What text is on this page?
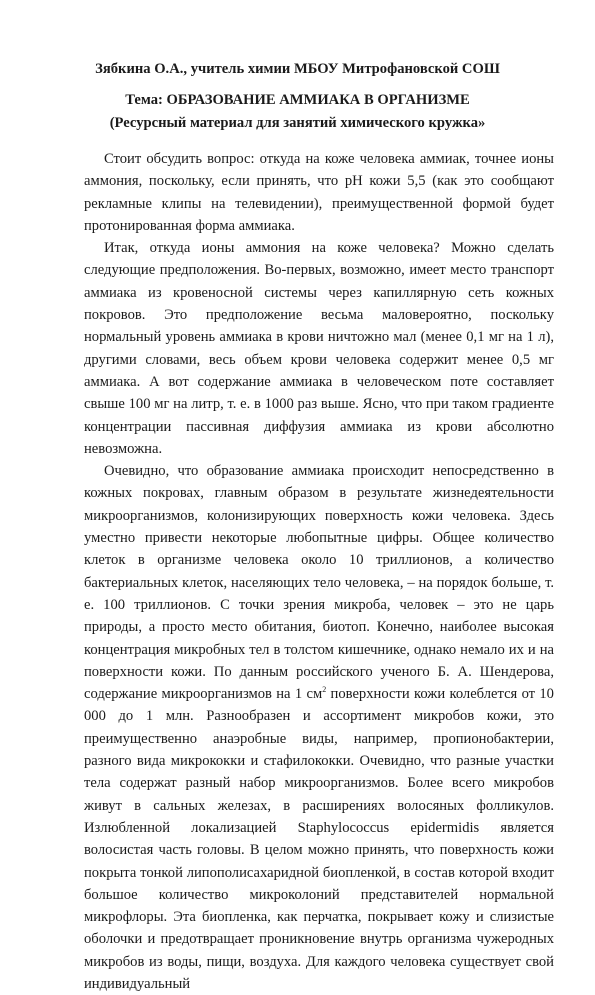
Зябкина О.А., учитель химии МБОУ Митрофановской СОШ
Тема: ОБРАЗОВАНИЕ АММИАКА В ОРГАНИЗМЕ
(Ресурсный материал для занятий химического кружка»

Стоит обсудить вопрос: откуда на коже человека аммиак, точнее ионы аммония, поскольку, если принять, что рН кожи 5,5 (как это сообщают рекламные клипы на телевидении), преимущественной формой будет протонированная форма аммиака.

Итак, откуда ионы аммония на коже человека? Можно сделать следующие предположения. Во-первых, возможно, имеет место транспорт аммиака из кровеносной системы через капиллярную сеть кожных покровов. Это предположение весьма маловероятно, поскольку нормальный уровень аммиака в крови ничтожно мал (менее 0,1 мг на 1 л), другими словами, весь объем крови человека содержит менее 0,5 мг аммиака. А вот содержание аммиака в человеческом поте составляет свыше 100 мг на литр, т. е. в 1000 раз выше. Ясно, что при таком градиенте концентрации пассивная диффузия аммиака из крови абсолютно невозможна.

Очевидно, что образование аммиака происходит непосредственно в кожных покровах, главным образом в результате жизнедеятельности микроорганизмов, колонизирующих поверхность кожи человека. Здесь уместно привести некоторые любопытные цифры. Общее количество клеток в организме человека около 10 триллионов, а количество бактериальных клеток, населяющих тело человека, – на порядок больше, т. е. 100 триллионов. С точки зрения микроба, человек – это не царь природы, а просто место обитания, биотоп. Конечно, наиболее высокая концентрация микробных тел в толстом кишечнике, однако немало их и на поверхности кожи. По данным российского ученого Б. А. Шендерова, содержание микроорганизмов на 1 $см^2$ поверхности кожи колеблется от 10 000 до 1 млн. Разнообразен и ассортимент микробов кожи, это преимущественно анаэробные виды, например, пропионобактерии, разного вида микрококки и стафилококки. Очевидно, что разные участки тела содержат разный набор микроорганизмов. Более всего микробов живут в сальных железах, в расширениях волосяных фолликулов. Излюбленной локализацией Staphylococcus epidermidis является волосистая часть головы. В целом можно принять, что поверхность кожи покрыта тонкой липополисахаридной биопленкой, в состав которой входит большое количество микроколоний представителей нормальной микрофлоры. Эта биопленка, как перчатка, покрывает кожу и слизистые оболочки и предотвращает проникновение внутрь организма чужеродных микробов из воды, пищи, воздуха. Для каждого человека существует свой индивидуальный
